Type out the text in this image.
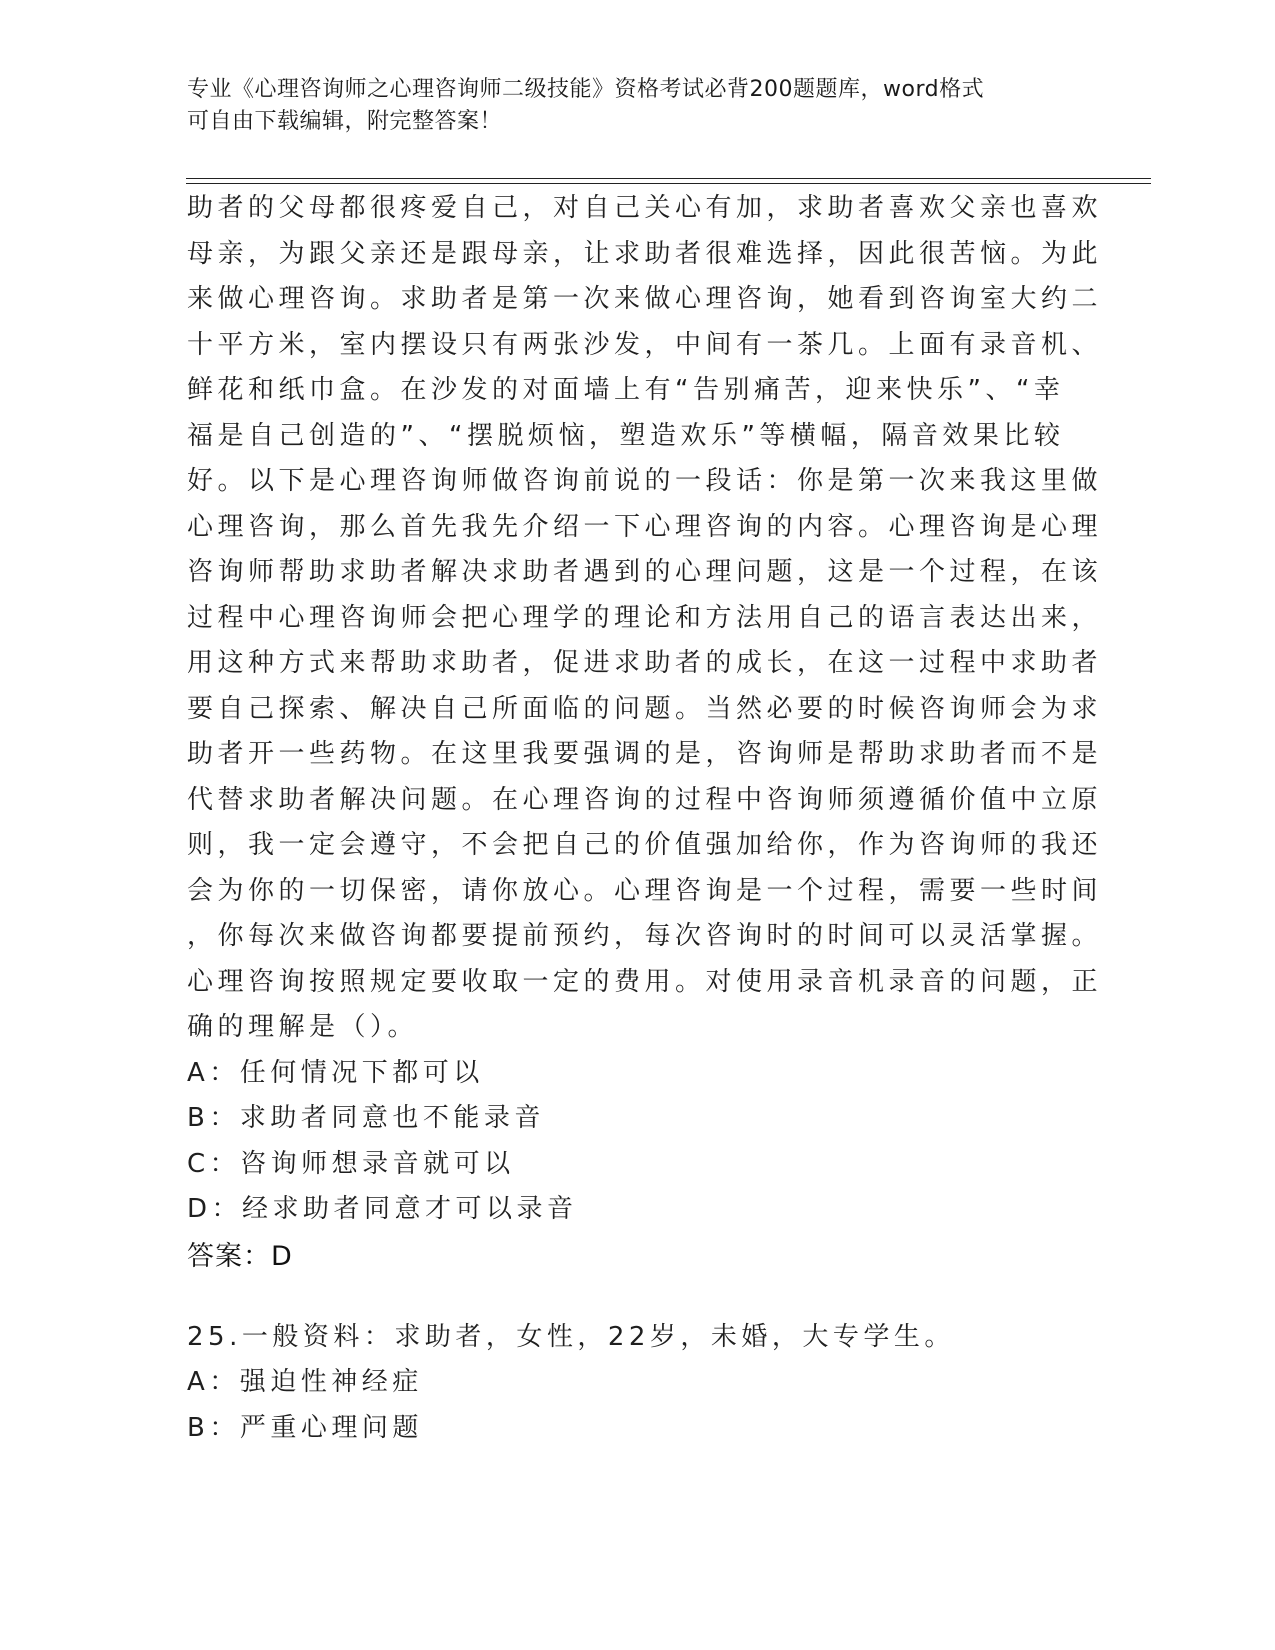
专业《心理咨询师之心理咨询师二级技能》资格考试必背200题题库，word格式
可自由下载编辑，附完整答案！
助者的父母都很疼爱自己，对自己关心有加，求助者喜欢父亲也喜欢
母亲，为跟父亲还是跟母亲，让求助者很难选择，因此很苦恼。为此
来做心理咨询。求助者是第一次来做心理咨询，她看到咨询室大约二
十平方米，室内摆设只有两张沙发，中间有一茶几。上面有录音机、
鲜花和纸巾盒。在沙发的对面墙上有“告别痛苦，迎来快乐”、“幸
福是自己创造的”、“摆脱烦恼，塑造欢乐”等横幅，隔音效果比较
好。以下是心理咨询师做咨询前说的一段话：你是第一次来我这里做
心理咨询，那么首先我先介绍一下心理咨询的内容。心理咨询是心理
咨询师帮助求助者解决求助者遇到的心理问题，这是一个过程，在该
过程中心理咨询师会把心理学的理论和方法用自己的语言表达出来，
用这种方式来帮助求助者，促进求助者的成长，在这一过程中求助者
要自己探索、解决自己所面临的问题。当然必要的时候咨询师会为求
助者开一些药物。在这里我要强调的是，咨询师是帮助求助者而不是
代替求助者解决问题。在心理咨询的过程中咨询师须遵循价值中立原
则，我一定会遵守，不会把自己的价值强加给你，作为咨询师的我还
会为你的一切保密，请你放心。心理咨询是一个过程，需要一些时间
，你每次来做咨询都要提前预约，每次咨询时的时间可以灵活掌握。
心理咨询按照规定要收取一定的费用。对使用录音机录音的问题，正
确的理解是（）。
A：任何情况下都可以
B：求助者同意也不能录音
C：咨询师想录音就可以
D：经求助者同意才可以录音
答案：D
25.一般资料：求助者，女性，22岁，未婚，大专学生。
A：强迫性神经症
B：严重心理问题
